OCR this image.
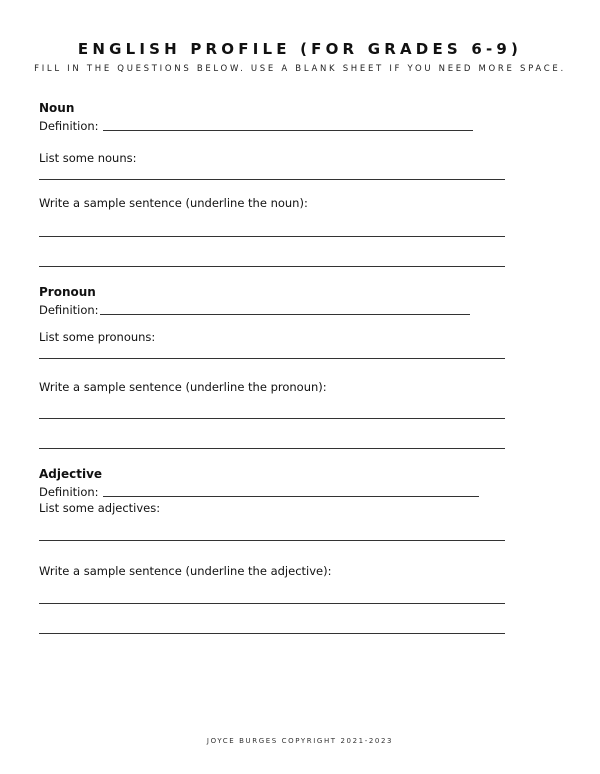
ENGLISH PROFILE (FOR GRADES 6-9)
FILL IN THE QUESTIONS BELOW. USE A BLANK SHEET IF YOU NEED MORE SPACE.
Noun
Definition:
List some nouns:
Write a sample sentence (underline the noun):
Pronoun
Definition:
List some pronouns:
Write a sample sentence (underline the pronoun):
Adjective
Definition:
List some adjectives:
Write a sample sentence (underline the adjective):
JOYCE BURGES COPYRIGHT 2021-2023
